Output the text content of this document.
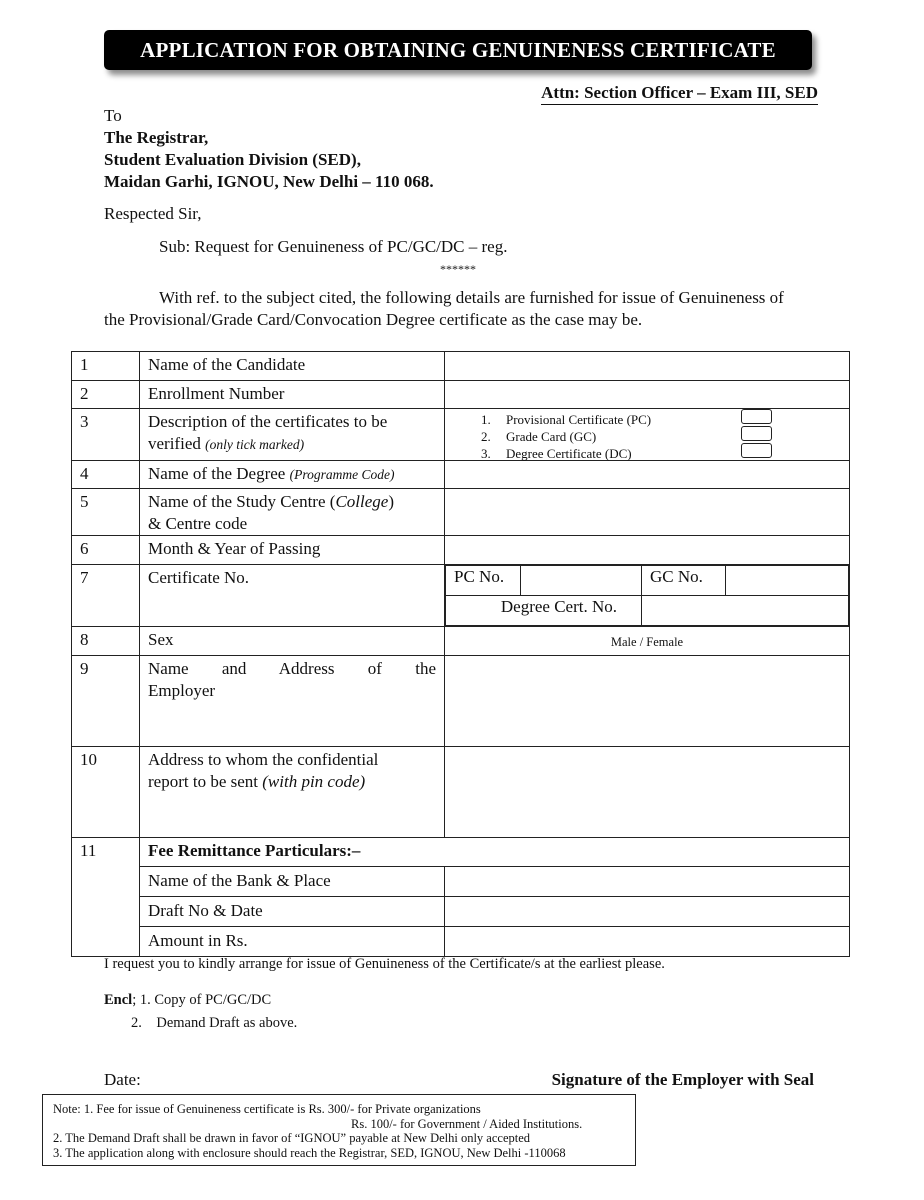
APPLICATION FOR OBTAINING GENUINENESS CERTIFICATE
Attn: Section Officer – Exam III, SED
To
The Registrar,
Student Evaluation Division (SED),
Maidan Garhi, IGNOU, New Delhi – 110 068.
Respected Sir,
Sub: Request for Genuineness of PC/GC/DC – reg.
******
With ref. to the subject cited, the following details are furnished for issue of Genuineness of
the Provisional/Grade Card/Convocation Degree certificate as the case may be.
1	Name of the Candidate	
2	Enrollment Number	
3	Description of the certificates to be verified (only tick marked)	
1. Provisional Certificate (PC)
2. Grade Card (GC)
3. Degree Certificate (DC)

4	Name of the Degree (Programme Code)	
5	Name of the Study Centre (College)
& Centre code	
6	Month & Year of Passing	
7	Certificate No.		PC No.		GC No.	
Degree Cert. No.	

8	Sex	Male / Female
9	Name and Address of the
Employer

10	Address to whom the confidential
report to be sent (with pin code)

11	Fee Remittance Particulars:–
Name of the Bank & Place	
Draft No & Date	
Amount in Rs.	
I request you to kindly arrange for issue of Genuineness of the Certificate/s at the earliest please.
Encl; 1. Copy of PC/GC/DC
2.    Demand Draft as above.
Date:	Signature of the Employer with Seal
Note: 1. Fee for issue of Genuineness certificate is Rs. 300/- for Private organizations
Rs. 100/- for Government / Aided Institutions.
2. The Demand Draft shall be drawn in favor of “IGNOU” payable at New Delhi only accepted
3. The application along with enclosure should reach the Registrar, SED, IGNOU, New Delhi -110068
